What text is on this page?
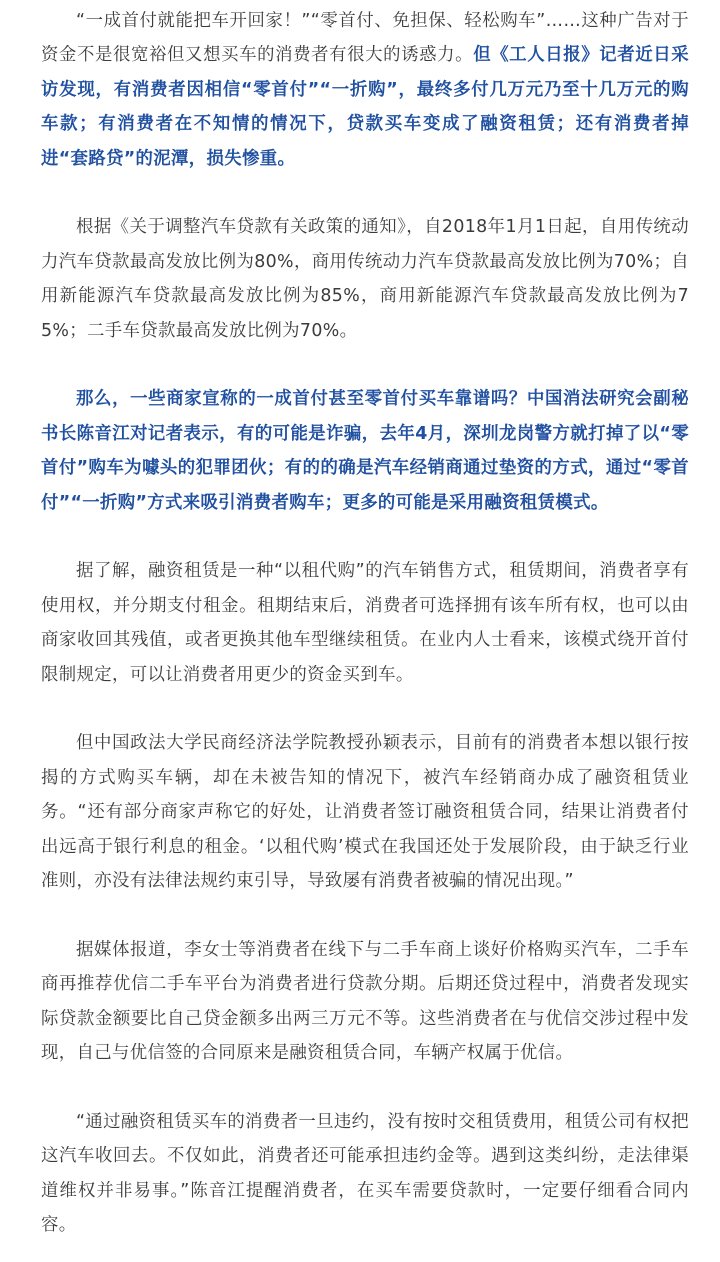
“一成首付就能把车开回家！”“零首付、免担保、轻松购车”……这种广告对于资金不是很宽裕但又想买车的消费者有很大的诱惑力。但《工人日报》记者近日采访发现，有消费者因相信“零首付”“一折购”，最终多付几万元乃至十几万元的购车款；有消费者在不知情的情况下，贷款买车变成了融资租赁；还有消费者掉进“套路贷”的泥潭，损失惨重。

根据《关于调整汽车贷款有关政策的通知》，自2018年1月1日起，自用传统动力汽车贷款最高发放比例为80%，商用传统动力汽车贷款最高发放比例为70%；自用新能源汽车贷款最高发放比例为85%，商用新能源汽车贷款最高发放比例为75%；二手车贷款最高发放比例为70%。

那么，一些商家宣称的一成首付甚至零首付买车靠谱吗？中国消法研究会副秘书长陈音江对记者表示，有的可能是诈骗，去年4月，深圳龙岗警方就打掉了以“零首付”购车为噱头的犯罪团伙；有的的确是汽车经销商通过垫资的方式，通过“零首付”“一折购”方式来吸引消费者购车；更多的可能是采用融资租赁模式。

据了解，融资租赁是一种“以租代购”的汽车销售方式，租赁期间，消费者享有使用权，并分期支付租金。租期结束后，消费者可选择拥有该车所有权，也可以由商家收回其残值，或者更换其他车型继续租赁。在业内人士看来，该模式绕开首付限制规定，可以让消费者用更少的资金买到车。

但中国政法大学民商经济法学院教授孙颖表示，目前有的消费者本想以银行按揭的方式购买车辆，却在未被告知的情况下，被汽车经销商办成了融资租赁业务。“还有部分商家声称它的好处，让消费者签订融资租赁合同，结果让消费者付出远高于银行利息的租金。‘以租代购’模式在我国还处于发展阶段，由于缺乏行业准则，亦没有法律法规约束引导，导致屡有消费者被骗的情况出现。”

据媒体报道，李女士等消费者在线下与二手车商上谈好价格购买汽车，二手车商再推荐优信二手车平台为消费者进行贷款分期。后期还贷过程中，消费者发现实际贷款金额要比自己贷金额多出两三万元不等。这些消费者在与优信交涉过程中发现，自己与优信签的合同原来是融资租赁合同，车辆产权属于优信。

“通过融资租赁买车的消费者一旦违约，没有按时交租赁费用，租赁公司有权把这汽车收回去。不仅如此，消费者还可能承担违约金等。遇到这类纠纷，走法律渠道维权并非易事。”陈音江提醒消费者，在买车需要贷款时，一定要仔细看合同内容。
